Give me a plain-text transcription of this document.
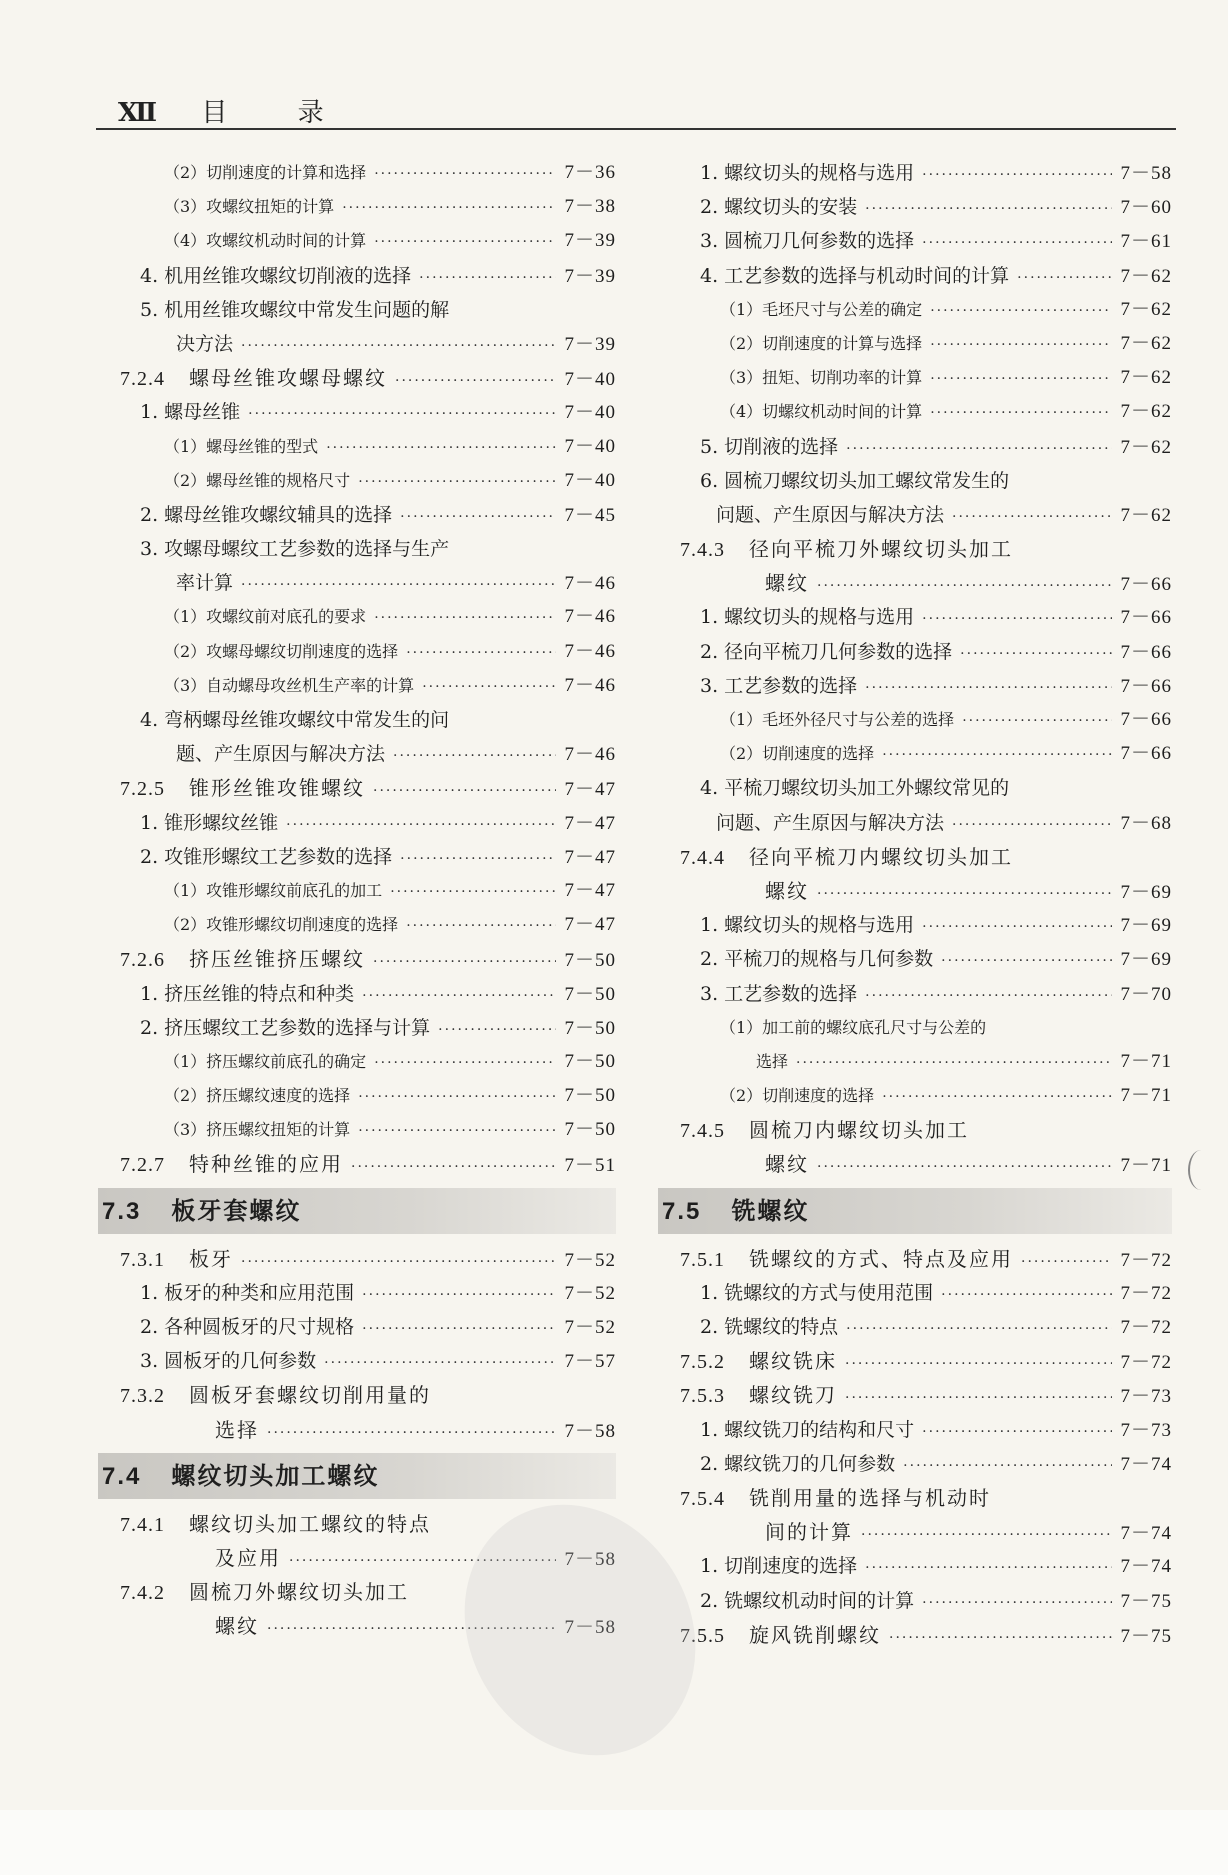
Ⅻ 目	录
（2）切削速度的计算和选择 ·····	7－36
（3）攻螺纹扭矩的计算 ·····	7－38
（4）攻螺纹机动时间的计算 ·····	7－39
4. 机用丝锥攻螺纹切削液的选择 ·····	7－39
5. 机用丝锥攻螺纹中常发生问题的解
决方法 ·····	7－39
7.2.4 螺母丝锥攻螺母螺纹 ·····	7－40
1. 螺母丝锥 ·····	7－40
（1）螺母丝锥的型式 ·····	7－40
（2）螺母丝锥的规格尺寸 ·····	7－40
2. 螺母丝锥攻螺纹辅具的选择 ·····	7－45
3. 攻螺母螺纹工艺参数的选择与生产
率计算 ·····	7－46
（1）攻螺纹前对底孔的要求 ·····	7－46
（2）攻螺母螺纹切削速度的选择 ·····	7－46
（3）自动螺母攻丝机生产率的计算 ·····	7－46
4. 弯柄螺母丝锥攻螺纹中常发生的问
题、产生原因与解决方法 ·····	7－46
7.2.5 锥形丝锥攻锥螺纹 ·····	7－47
1. 锥形螺纹丝锥 ·····	7－47
2. 攻锥形螺纹工艺参数的选择 ·····	7－47
（1）攻锥形螺纹前底孔的加工 ·····	7－47
（2）攻锥形螺纹切削速度的选择 ·····	7－47
7.2.6 挤压丝锥挤压螺纹 ·····	7－50
1. 挤压丝锥的特点和种类 ·····	7－50
2. 挤压螺纹工艺参数的选择与计算 ·····	7－50
（1）挤压螺纹前底孔的确定 ·····	7－50
（2）挤压螺纹速度的选择 ·····	7－50
（3）挤压螺纹扭矩的计算 ·····	7－50
7.2.7 特种丝锥的应用 ·····	7－51
7.3 板牙套螺纹
7.3.1 板牙 ·····	7－52
1. 板牙的种类和应用范围 ·····	7－52
2. 各种圆板牙的尺寸规格 ·····	7－52
3. 圆板牙的几何参数 ·····	7－57
7.3.2 圆板牙套螺纹切削用量的
选择 ·····	7－58
7.4 螺纹切头加工螺纹
7.4.1 螺纹切头加工螺纹的特点
及应用 ·····	7－58
7.4.2 圆梳刀外螺纹切头加工
螺纹 ·····	7－58
1. 螺纹切头的规格与选用 ·····	7－58
2. 螺纹切头的安装 ·····	7－60
3. 圆梳刀几何参数的选择 ·····	7－61
4. 工艺参数的选择与机动时间的计算 ·····	7－62
（1）毛坯尺寸与公差的确定 ·····	7－62
（2）切削速度的计算与选择 ·····	7－62
（3）扭矩、切削功率的计算 ·····	7－62
（4）切螺纹机动时间的计算 ·····	7－62
5. 切削液的选择 ·····	7－62
6. 圆梳刀螺纹切头加工螺纹常发生的
问题、产生原因与解决方法 ·····	7－62
7.4.3 径向平梳刀外螺纹切头加工
螺纹 ·····	7－66
1. 螺纹切头的规格与选用 ·····	7－66
2. 径向平梳刀几何参数的选择 ·····	7－66
3. 工艺参数的选择 ·····	7－66
（1）毛坯外径尺寸与公差的选择 ·····	7－66
（2）切削速度的选择 ·····	7－66
4. 平梳刀螺纹切头加工外螺纹常见的
问题、产生原因与解决方法 ·····	7－68
7.4.4 径向平梳刀内螺纹切头加工
螺纹 ·····	7－69
1. 螺纹切头的规格与选用 ·····	7－69
2. 平梳刀的规格与几何参数 ·····	7－69
3. 工艺参数的选择 ·····	7－70
（1）加工前的螺纹底孔尺寸与公差的
选择 ·····	7－71
（2）切削速度的选择 ·····	7－71
7.4.5 圆梳刀内螺纹切头加工
螺纹 ·····	7－71
7.5 铣螺纹
7.5.1 铣螺纹的方式、特点及应用 ·····	7－72
1. 铣螺纹的方式与使用范围 ·····	7－72
2. 铣螺纹的特点 ·····	7－72
7.5.2 螺纹铣床 ·····	7－72
7.5.3 螺纹铣刀 ·····	7－73
1. 螺纹铣刀的结构和尺寸 ·····	7－73
2. 螺纹铣刀的几何参数 ·····	7－74
7.5.4 铣削用量的选择与机动时
间的计算 ·····	7－74
1. 切削速度的选择 ·····	7－74
2. 铣螺纹机动时间的计算 ·····	7－75
7.5.5 旋风铣削螺纹 ·····	7－75
